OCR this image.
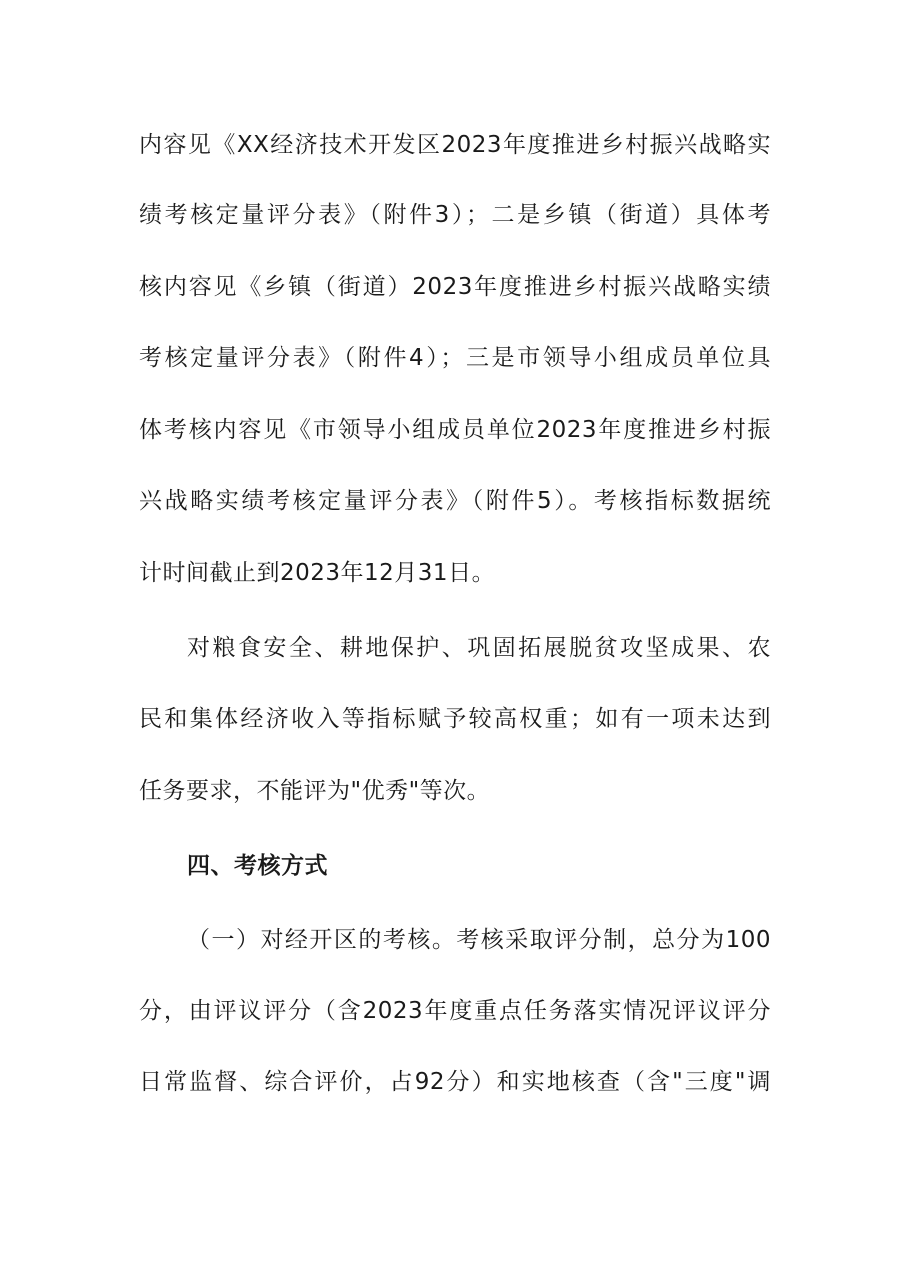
内容见《XX经济技术开发区2023年度推进乡村振兴战略实
绩考核定量评分表》（附件3）；二是乡镇（街道）具体考
核内容见《乡镇（街道）2023年度推进乡村振兴战略实绩
考核定量评分表》（附件4）；三是市领导小组成员单位具
体考核内容见《市领导小组成员单位2023年度推进乡村振
兴战略实绩考核定量评分表》（附件5）。考核指标数据统
计时间截止到2023年12月31日。
对粮食安全、耕地保护、巩固拓展脱贫攻坚成果、农
民和集体经济收入等指标赋予较高权重；如有一项未达到
任务要求，不能评为"优秀"等次。
四、考核方式
（一）对经开区的考核。考核采取评分制，总分为100
分，由评议评分（含2023年度重点任务落实情况评议评分
日常监督、综合评价，占92分）和实地核查（含"三度"调
